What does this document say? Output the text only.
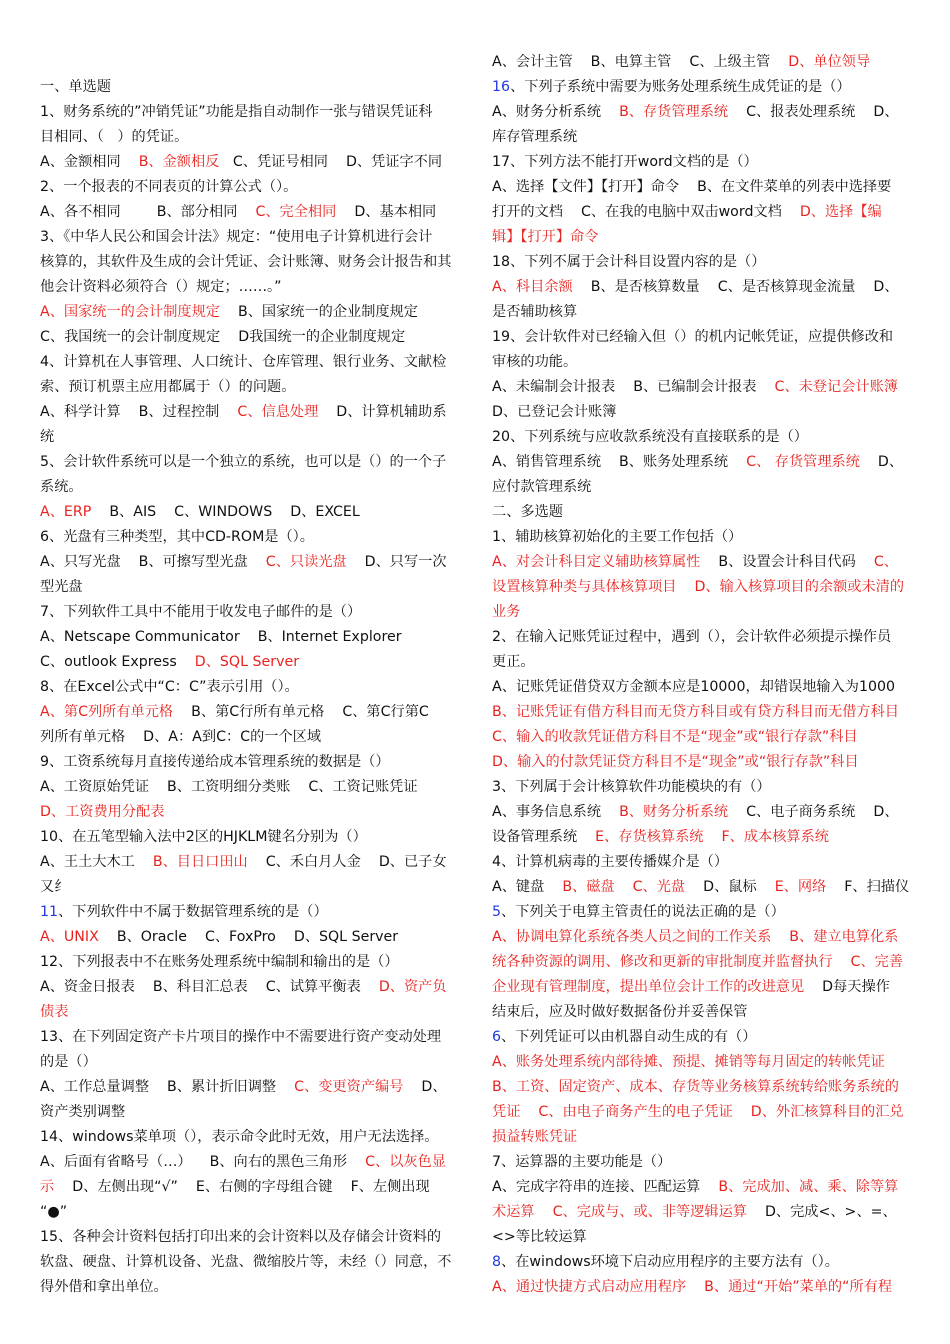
一、单选题
1、财务系统的”冲销凭证”功能是指自动制作一张与错误凭证科
目相同、（   ）的凭证。
A、金额相同    B、金额相反   C、凭证号相同    D、凭证字不同
2、一个报表的不同表页的计算公式（）。
A、各不相同        B、部分相同    C、完全相同    D、基本相同
3、《中华人民公和国会计法》规定：“使用电子计算机进行会计
核算的，其软件及生成的会计凭证、会计账簿、财务会计报告和其
他会计资料必须符合（）规定；……。”
A、国家统一的会计制度规定    B、国家统一的企业制度规定
C、我国统一的会计制度规定    D我国统一的企业制度规定
4、计算机在人事管理、人口统计、仓库管理、银行业务、文献检
索、预订机票主应用都属于（）的问题。
A、科学计算    B、过程控制    C、信息处理    D、计算机辅助系
统
5、会计软件系统可以是一个独立的系统，也可以是（）的一个子
系统。
A、ERP    B、AIS    C、WINDOWS    D、EXCEL
6、光盘有三种类型，其中CD-ROM是（）。
A、只写光盘    B、可擦写型光盘    C、只读光盘    D、只写一次
型光盘
7、下列软件工具中不能用于收发电子邮件的是（）
A、Netscape Communicator    B、Internet Explorer
C、outlook Express    D、SQL Server
8、在Excel公式中“C：C”表示引用（）。
A、第C列所有单元格    B、第C行所有单元格    C、第C行第C
列所有单元格    D、A：A到C：C的一个区域
9、工资系统每月直接传递给成本管理系统的数据是（）
A、工资原始凭证    B、工资明细分类账    C、工资记账凭证
D、工资费用分配表
10、在五笔型输入法中2区的HJKLM键名分别为（）
A、王土大木工    B、目日口田山    C、禾白月人金    D、已子女
又纟
11、下列软件中不属于数据管理系统的是（）
A、UNIX    B、Oracle    C、FoxPro    D、SQL Server
12、下列报表中不在账务处理系统中编制和输出的是（）
A、资金日报表    B、科目汇总表    C、试算平衡表    D、资产负
债表
13、在下列固定资产卡片项目的操作中不需要进行资产变动处理
的是（）
A、工作总量调整    B、累计折旧调整    C、变更资产编号    D、
资产类别调整
14、windows菜单项（），表示命令此时无效，用户无法选择。
A、后面有省略号（…）    B、向右的黑色三角形    C、以灰色显
示    D、左侧出现“√”    E、右侧的字母组合键    F、左侧出现
“●”
15、各种会计资料包括打印出来的会计资料以及存储会计资料的
软盘、硬盘、计算机设备、光盘、微缩胶片等，未经（）同意，不
得外借和拿出单位。
A、会计主管    B、电算主管    C、上级主管    D、单位领导
16、下列子系统中需要为账务处理系统生成凭证的是（）
A、财务分析系统    B、存货管理系统    C、报表处理系统    D、
库存管理系统
17、下列方法不能打开word文档的是（）
A、选择【文件】【打开】命令    B、在文件菜单的列表中选择要
打开的文档    C、在我的电脑中双击word文档    D、选择【编
辑】【打开】命令
18、下列不属于会计科目设置内容的是（）
A、科目余额    B、是否核算数量    C、是否核算现金流量    D、
是否辅助核算
19、会计软件对已经输入但（）的机内记帐凭证，应提供修改和
审核的功能。
A、未编制会计报表    B、已编制会计报表    C、未登记会计账簿
D、已登记会计账簿
20、下列系统与应收款系统没有直接联系的是（）
A、销售管理系统    B、账务处理系统    C、 存货管理系统    D、
应付款管理系统
二、多选题
1、辅助核算初始化的主要工作包括（）
A、对会计科目定义辅助核算属性    B、设置会计科目代码    C、
设置核算种类与具体核算项目    D、输入核算项目的余额或未清的
业务
2、在输入记账凭证过程中，遇到（），会计软件必须提示操作员
更正。
A、记账凭证借贷双方金额本应是10000，却错误地输入为1000
B、记账凭证有借方科目而无贷方科目或有贷方科目而无借方科目
C、输入的收款凭证借方科目不是“现金”或“银行存款”科目
D、输入的付款凭证贷方科目不是“现金”或“银行存款”科目
3、下列属于会计核算软件功能模块的有（）
A、事务信息系统    B、财务分析系统    C、电子商务系统    D、
设备管理系统    E、存货核算系统    F、成本核算系统
4、计算机病毒的主要传播媒介是（）
A、键盘    B、磁盘    C、光盘    D、鼠标    E、网络    F、扫描仪
5、下列关于电算主管责任的说法正确的是（）
A、协调电算化系统各类人员之间的工作关系    B、建立电算化系
统各种资源的调用、修改和更新的审批制度并监督执行    C、完善
企业现有管理制度，提出单位会计工作的改进意见    D每天操作
结束后，应及时做好数据备份并妥善保管
6、下列凭证可以由机器自动生成的有（）
A、账务处理系统内部待摊、预提、摊销等每月固定的转帐凭证
B、工资、固定资产、成本、存货等业务核算系统转给账务系统的
凭证    C、由电子商务产生的电子凭证    D、外汇核算科目的汇兑
损益转账凭证
7、运算器的主要功能是（）
A、完成字符串的连接、匹配运算    B、完成加、减、乘、除等算
术运算    C、完成与、或、非等逻辑运算    D、完成<、>、=、
<>等比较运算
8、在windows环境下启动应用程序的主要方法有（）。
A、通过快捷方式启动应用程序    B、通过“开始”菜单的“所有程
